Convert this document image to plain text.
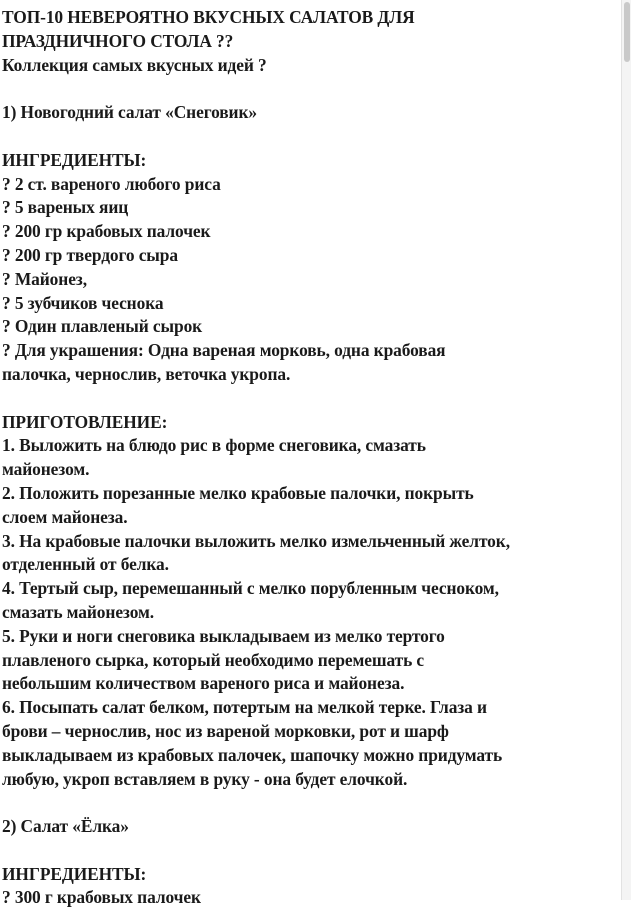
ТОП-10 НЕВЕРОЯТНО ВКУСНЫХ САЛАТОВ ДЛЯ
ПРАЗДНИЧНОГО СТОЛА ??
Коллекция самых вкусных идей ?
1) Новогодний салат «Снеговик»
ИНГРЕДИЕНТЫ:
? 2 ст. вареного любого риса
? 5 вареных яиц
? 200 гр крабовых палочек
? 200 гр твердого сыра
? Майонез,
? 5 зубчиков чеснока
? Один плавленый сырок
? Для украшения: Одна вареная морковь, одна крабовая
палочка, чернослив, веточка укропа.
ПРИГОТОВЛЕНИЕ:
1. Выложить на блюдо рис в форме снеговика, смазать
майонезом.
2. Положить порезанные мелко крабовые палочки, покрыть
слоем майонеза.
3. На крабовые палочки выложить мелко измельченный желток,
отделенный от белка.
4. Тертый сыр, перемешанный с мелко порубленным чесноком,
смазать майонезом.
5. Руки и ноги снеговика выкладываем из мелко тертого
плавленого сырка, который необходимо перемешать с
небольшим количеством вареного риса и майонеза.
6. Посыпать салат белком, потертым на мелкой терке. Глаза и
брови – чернослив, нос из вареной морковки, рот и шарф
выкладываем из крабовых палочек, шапочку можно придумать
любую, укроп вставляем в руку - она будет елочкой.
2) Салат «Ёлка»
ИНГРЕДИЕНТЫ:
? 300 г крабовых палочек
